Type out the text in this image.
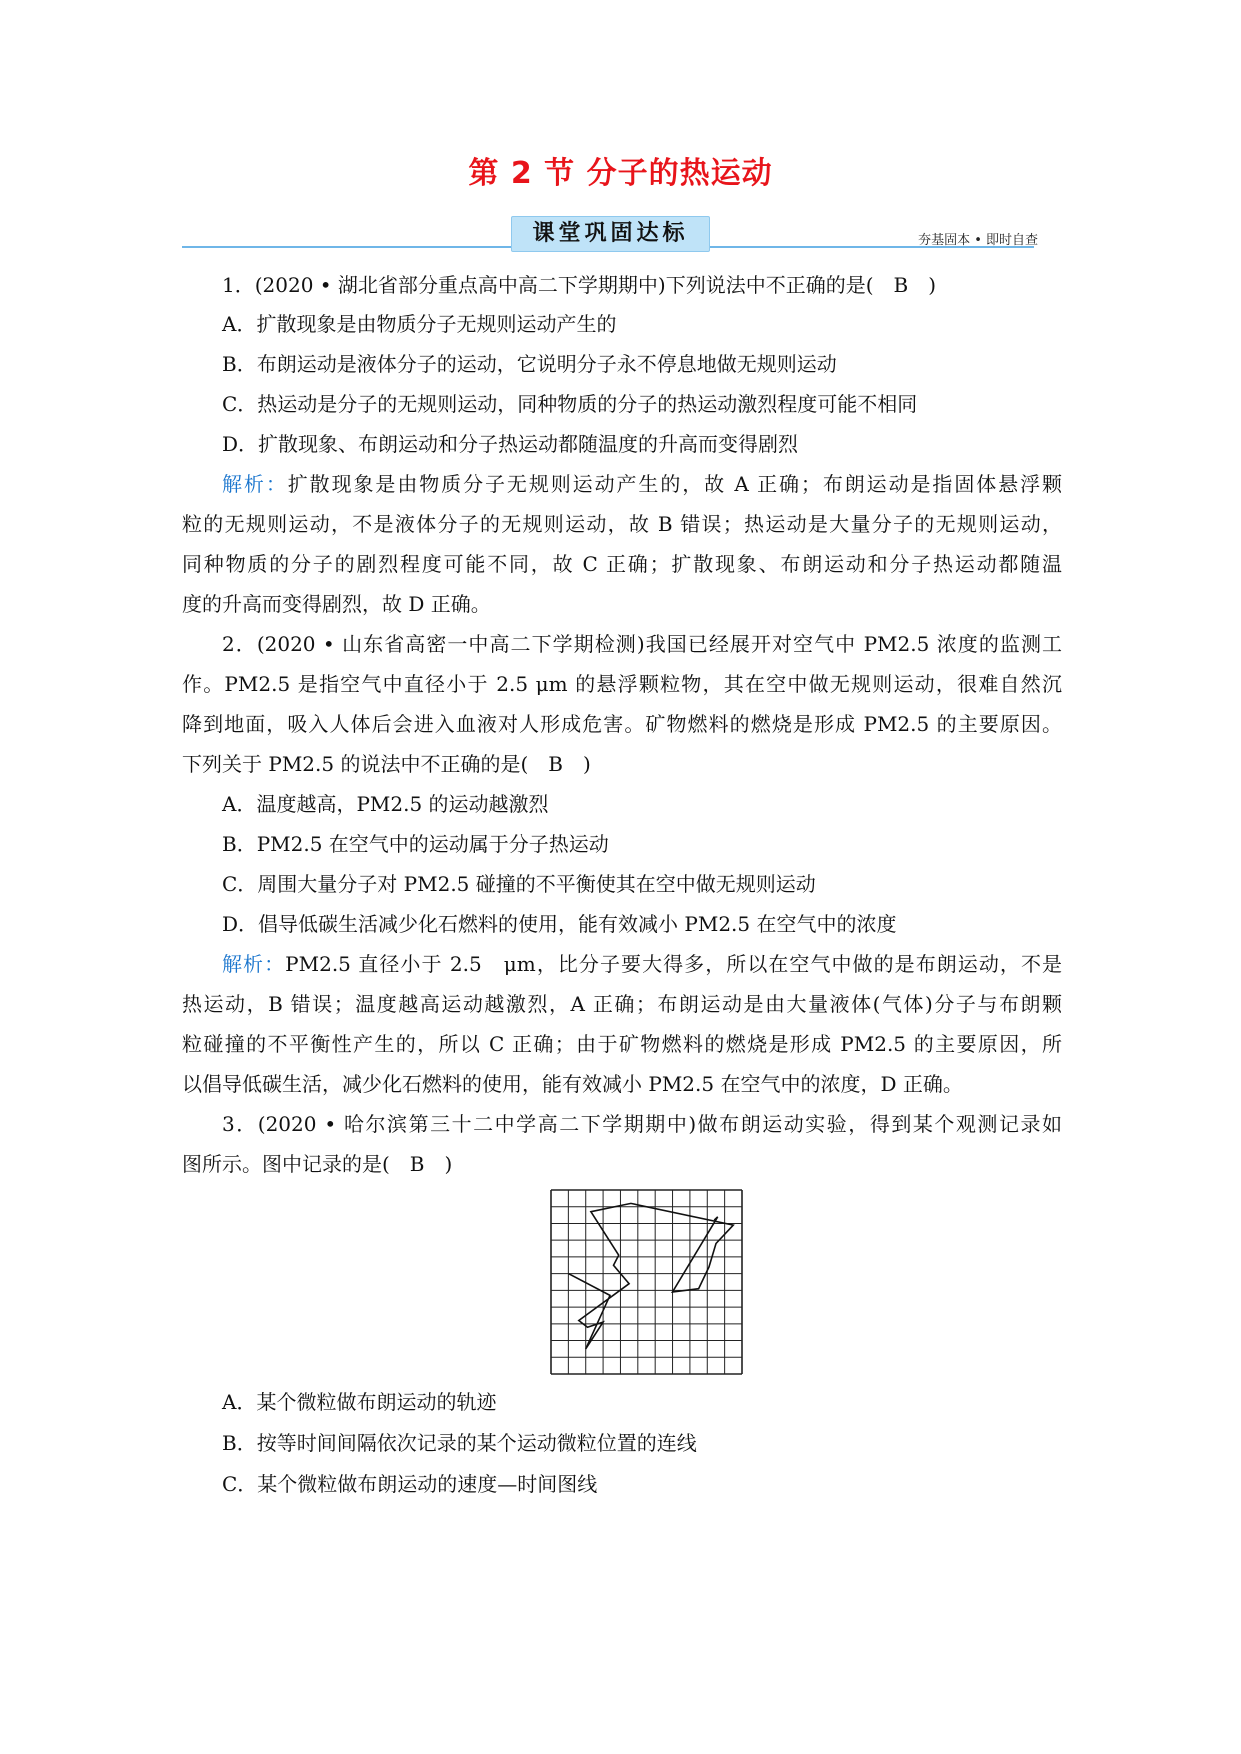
第 2 节 分子的热运动
课堂巩固达标	夯基固本 • 即时自查
1．(2020 • 湖北省部分重点高中高二下学期期中)下列说法中不正确的是(　B　)
A．扩散现象是由物质分子无规则运动产生的
B．布朗运动是液体分子的运动，它说明分子永不停息地做无规则运动
C．热运动是分子的无规则运动，同种物质的分子的热运动激烈程度可能不相同
D．扩散现象、布朗运动和分子热运动都随温度的升高而变得剧烈
解析：扩散现象是由物质分子无规则运动产生的，故 A 正确；布朗运动是指固体悬浮颗
粒的无规则运动，不是液体分子的无规则运动，故 B 错误；热运动是大量分子的无规则运动，
同种物质的分子的剧烈程度可能不同，故 C 正确；扩散现象、布朗运动和分子热运动都随温
度的升高而变得剧烈，故 D 正确。
2．(2020 • 山东省高密一中高二下学期检测)我国已经展开对空气中 PM2.5 浓度的监测工
作。PM2.5 是指空气中直径小于 2.5 μm 的悬浮颗粒物，其在空中做无规则运动，很难自然沉
降到地面，吸入人体后会进入血液对人形成危害。矿物燃料的燃烧是形成 PM2.5 的主要原因。
下列关于 PM2.5 的说法中不正确的是(　B　)
A．温度越高，PM2.5 的运动越激烈
B．PM2.5 在空气中的运动属于分子热运动
C．周围大量分子对 PM2.5 碰撞的不平衡使其在空中做无规则运动
D．倡导低碳生活减少化石燃料的使用，能有效减小 PM2.5 在空气中的浓度
解析：PM2.5 直径小于 2.5　μm，比分子要大得多，所以在空气中做的是布朗运动，不是
热运动，B 错误；温度越高运动越激烈，A 正确；布朗运动是由大量液体(气体)分子与布朗颗
粒碰撞的不平衡性产生的，所以 C 正确；由于矿物燃料的燃烧是形成 PM2.5 的主要原因，所
以倡导低碳生活，减少化石燃料的使用，能有效减小 PM2.5 在空气中的浓度，D 正确。
3．(2020 • 哈尔滨第三十二中学高二下学期期中)做布朗运动实验，得到某个观测记录如
图所示。图中记录的是(　B　)
A．某个微粒做布朗运动的轨迹
B．按等时间间隔依次记录的某个运动微粒位置的连线
C．某个微粒做布朗运动的速度—时间图线
